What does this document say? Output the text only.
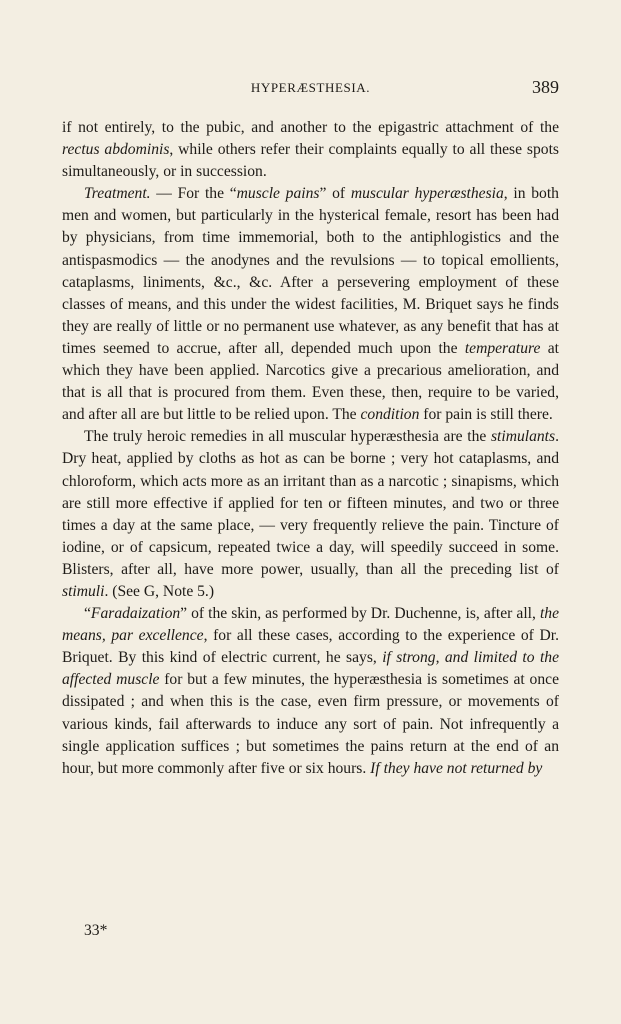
HYPERÆSTHESIA.	389

if not entirely, to the pubic, and another to the epigastric attachment of the rectus abdominis, while others refer their complaints equally to all these spots simultaneously, or in succession.

Treatment. — For the “muscle pains” of muscular hyperæsthesia, in both men and women, but particularly in the hysterical female, resort has been had by physicians, from time immemorial, both to the antiphlogistics and the antispasmodics — the anodynes and the revulsions — to topical emollients, cataplasms, liniments, &c., &c. After a persevering employment of these classes of means, and this under the widest facilities, M. Briquet says he finds they are really of little or no permanent use whatever, as any benefit that has at times seemed to accrue, after all, depended much upon the temperature at which they have been applied. Narcotics give a precarious amelioration, and that is all that is procured from them. Even these, then, require to be varied, and after all are but little to be relied upon. The condition for pain is still there.

The truly heroic remedies in all muscular hyperæsthesia are the stimulants. Dry heat, applied by cloths as hot as can be borne ; very hot cataplasms, and chloroform, which acts more as an irritant than as a narcotic ; sinapisms, which are still more effective if applied for ten or fifteen minutes, and two or three times a day at the same place, — very frequently relieve the pain. Tincture of iodine, or of capsicum, repeated twice a day, will speedily succeed in some. Blisters, after all, have more power, usually, than all the preceding list of stimuli. (See G, Note 5.)

“Faradaization” of the skin, as performed by Dr. Duchenne, is, after all, the means, par excellence, for all these cases, according to the experience of Dr. Briquet. By this kind of electric current, he says, if strong, and limited to the affected muscle for but a few minutes, the hyperæsthesia is sometimes at once dissipated ; and when this is the case, even firm pressure, or movements of various kinds, fail afterwards to induce any sort of pain. Not infrequently a single application suffices ; but sometimes the pains return at the end of an hour, but more commonly after five or six hours. If they have not returned by

33*
